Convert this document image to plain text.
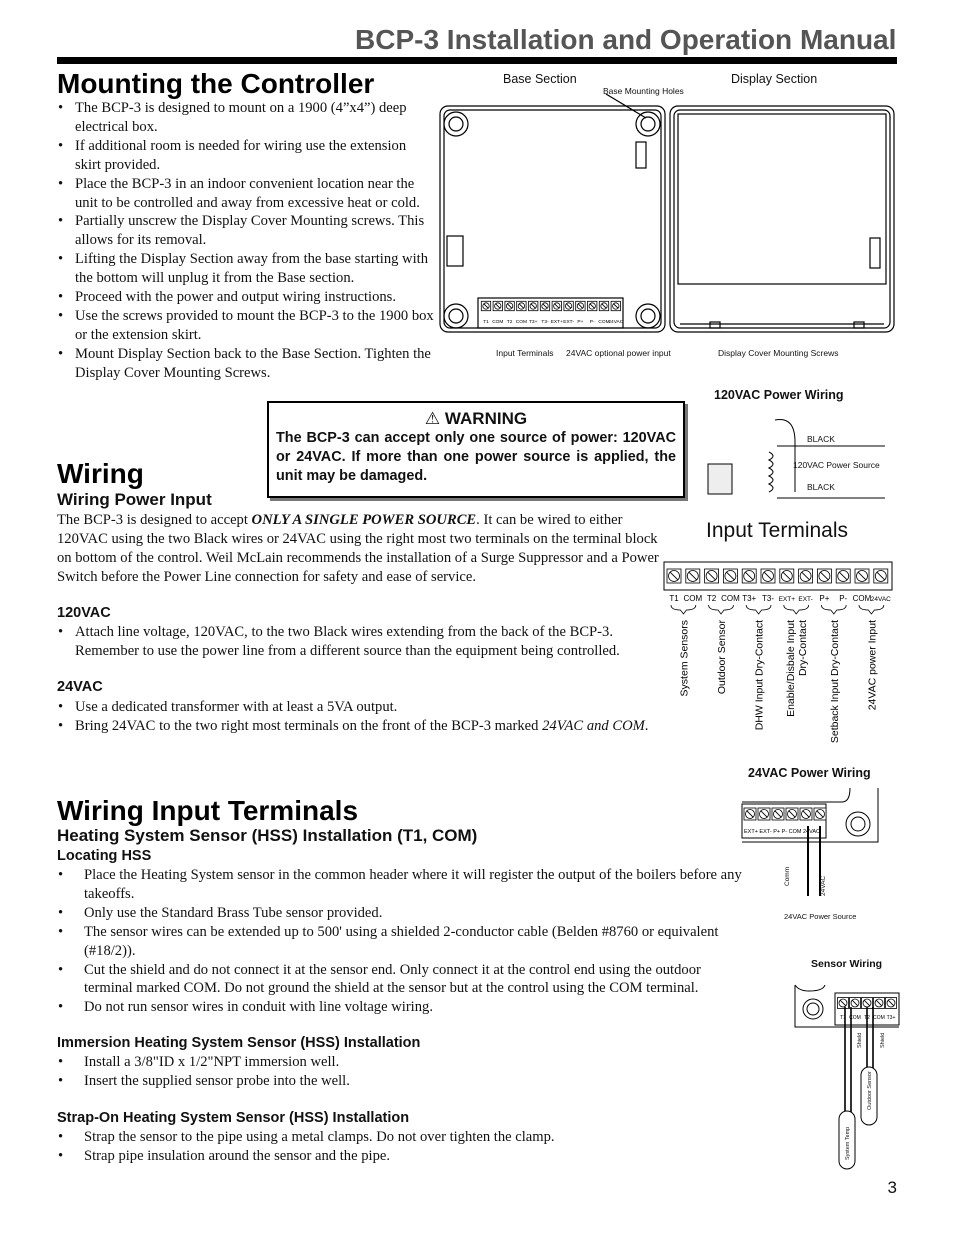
BCP-3 Installation and Operation Manual
Mounting the Controller
• The BCP-3 is designed to mount on a 1900 (4”x4”) deep electrical box.
• If additional room is needed for wiring use the extension skirt provided.
• Place the BCP-3 in an indoor convenient location near the unit to be controlled and away from excessive heat or cold.
• Partially unscrew the Display Cover Mounting screws. This allows for its removal.
• Lifting the Display Section away from the base starting with the bottom will unplug it from the Base section.
• Proceed with the power and output wiring instructions.
• Use the screws provided to mount the BCP-3 to the 1900 box or the extension skirt.
• Mount Display Section back to the Base Section. Tighten the Display Cover Mounting Screws.
Base Section	Display Section
Base Mounting Holes
T1 COM T2 COM T3+ T3- EXT+ EXT- P+ P- COM
24VAC
Input Terminals 24VAC optional power input	Display Cover Mounting Screws
120VAC Power Wiring
BLACK
120VAC Power Source
BLACK
⚠ WARNING
The BCP-3 can accept only one source of power: 120VAC or 24VAC. If more than one power source is applied, the unit may be damaged.
Wiring
Wiring Power Input
The BCP-3 is designed to accept ONLY A SINGLE POWER SOURCE. It can be wired to either 120VAC using the two Black wires or 24VAC using the right most two terminals on the terminal block on bottom of the control. Weil McLain recommends the installation of a Surge Suppressor and a Power Switch before the Power Line connection for safety and ease of service.
120VAC
• Attach line voltage, 120VAC, to the two Black wires extending from the back of the BCP-3. Remember to use the power line from a different source than the equipment being controlled.
24VAC
• Use a dedicated transformer with at least a 5VA output.
• Bring 24VAC to the two right most terminals on the front of the BCP-3 marked 24VAC and COM.
Input Terminals
T1 COM T2 COM T3+ T3- EXT+ EXT- P+ P- COM 24VAC
System Sensors Outdoor Sensor DHW Input Dry-Contact Enable/Disbale Input Dry-Contact Setback Input Dry-Contact 24VAC power Input
24VAC Power Wiring
EXT+ EXT- P+ P- COM 24VAC
Comm	24VAC
24VAC Power Source
Wiring Input Terminals
Heating System Sensor (HSS) Installation (T1, COM)
Locating HSS
• Place the Heating System sensor in the common header where it will register the output of the boilers before any takeoffs.
• Only use the Standard Brass Tube sensor provided.
• The sensor wires can be extended up to 500' using a shielded 2-conductor cable (Belden #8760 or equivalent (#18/2)).
• Cut the shield and do not connect it at the sensor end. Only connect it at the control end using the outdoor terminal marked COM. Do not ground the shield at the sensor but at the control using the COM terminal.
• Do not run sensor wires in conduit with line voltage wiring.
Immersion Heating System Sensor (HSS) Installation
• Install a 3/8"ID x 1/2"NPT immersion well.
• Insert the supplied sensor probe into the well.
Strap-On Heating System Sensor (HSS) Installation
• Strap the sensor to the pipe using a metal clamps. Do not over tighten the clamp.
• Strap pipe insulation around the sensor and the pipe.
Sensor Wiring
T1 COM T2 COM T3+
Shield	Shield
Outdoor Sensor
System Temp
3
